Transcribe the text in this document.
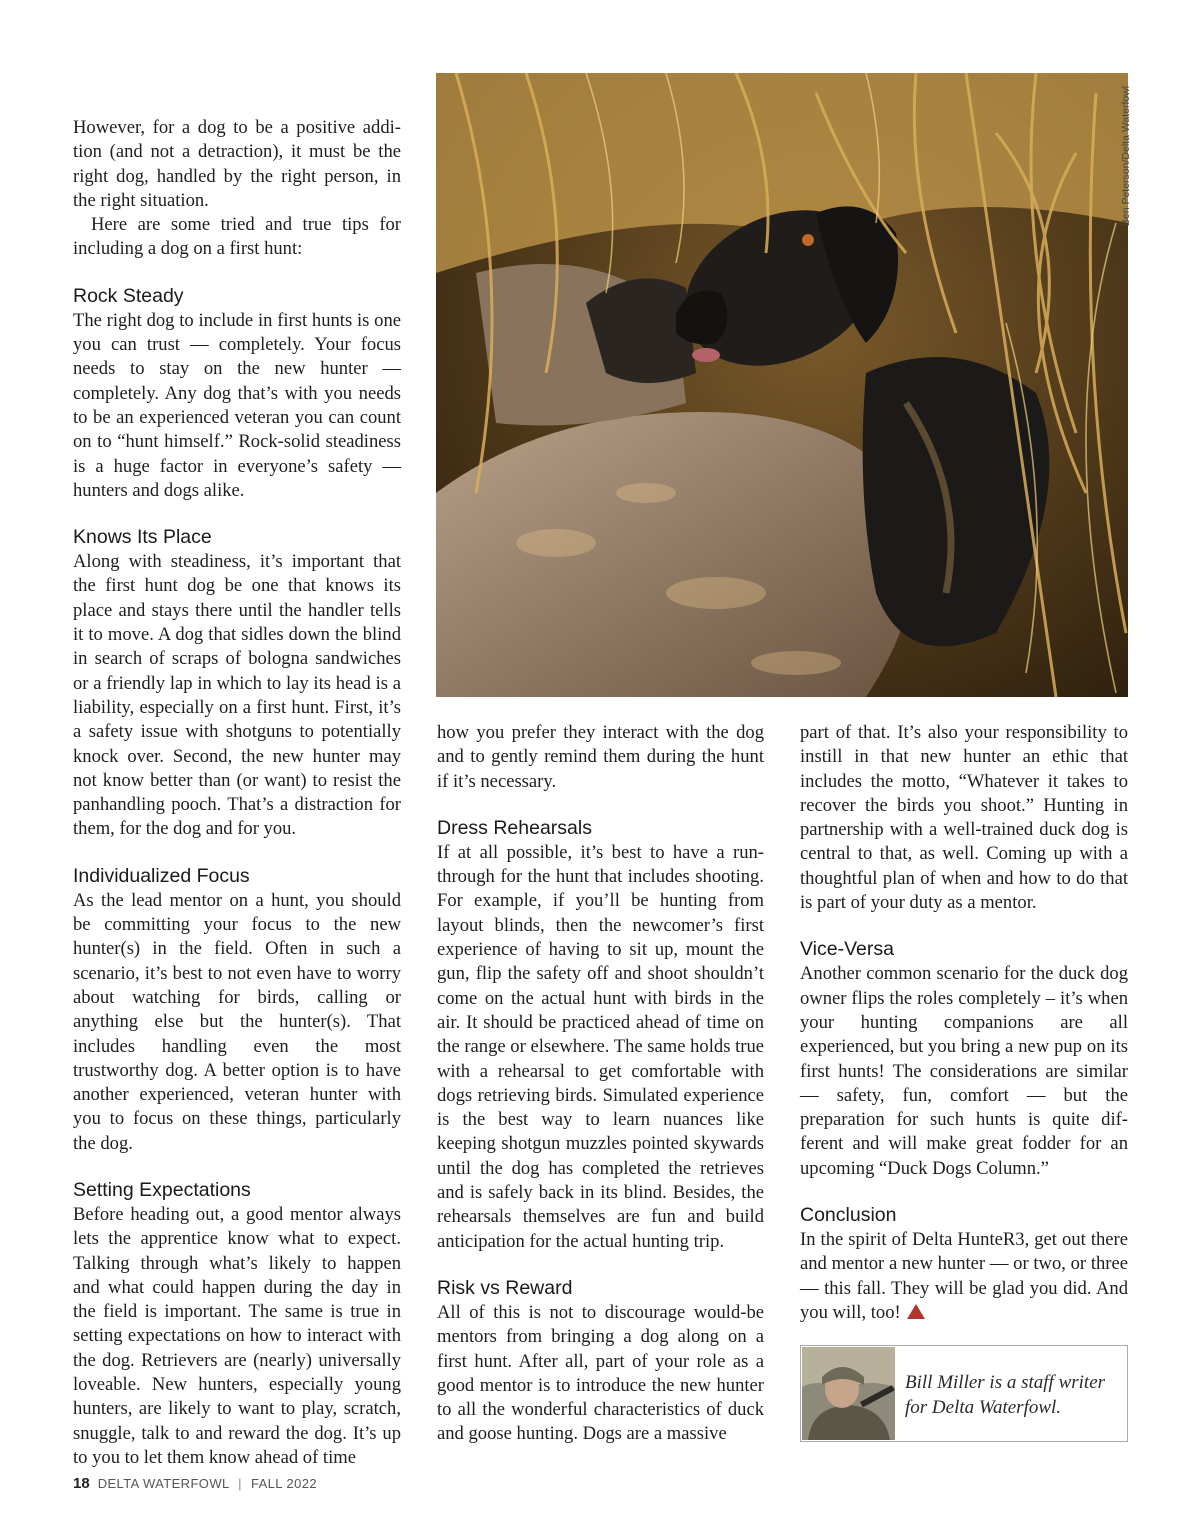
Ben Peterson/Delta Waterfowl

However, for a dog to be a positive addi-tion (and not a detraction), it must be the right dog, handled by the right person, in the right situation.

Here are some tried and true tips for including a dog on a first hunt:

Rock Steady

The right dog to include in first hunts is one you can trust — completely. Your focus needs to stay on the new hunter — completely. Any dog that’s with you needs to be an experienced veteran you can count on to “hunt himself.” Rock-solid steadiness is a huge factor in everyone’s safety — hunters and dogs alike.

Knows Its Place

Along with steadiness, it’s important that the first hunt dog be one that knows its place and stays there until the handler tells it to move. A dog that sidles down the blind in search of scraps of bologna sandwiches or a friendly lap in which to lay its head is a liability, especially on a first hunt. First, it’s a safety issue with shotguns to potentially knock over. Second, the new hunter may not know better than (or want) to resist the panhandling pooch. That’s a distraction for them, for the dog and for you.

Individualized Focus

As the lead mentor on a hunt, you should be committing your focus to the new hunter(s) in the field. Often in such a scenario, it’s best to not even have to worry about watching for birds, calling or anything else but the hunter(s). That includes handling even the most trustworthy dog. A better option is to have another experienced, veteran hunter with you to focus on these things, particularly the dog.

Setting Expectations

Before heading out, a good mentor always lets the apprentice know what to expect. Talking through what’s likely to happen and what could happen during the day in the field is important. The same is true in setting expectations on how to interact with the dog. Retrievers are (nearly) universally loveable. New hunters, especially young hunters, are likely to want to play, scratch, snuggle, talk to and reward the dog. It’s up to you to let them know ahead of time

how you prefer they interact with the dog and to gently remind them during the hunt if it’s necessary.

Dress Rehearsals

If at all possible, it’s best to have a run-through for the hunt that includes shooting. For example, if you’ll be hunting from layout blinds, then the newcomer’s first experience of having to sit up, mount the gun, flip the safety off and shoot shouldn’t come on the actual hunt with birds in the air. It should be practiced ahead of time on the range or elsewhere. The same holds true with a rehearsal to get comfortable with dogs retrieving birds. Simulated experience is the best way to learn nuances like keeping shotgun muzzles pointed skywards until the dog has completed the retrieves and is safely back in its blind. Besides, the rehearsals themselves are fun and build anticipation for the actual hunting trip.

Risk vs Reward

All of this is not to discourage would-be mentors from bringing a dog along on a first hunt. After all, part of your role as a good mentor is to introduce the new hunter to all the wonderful characteristics of duck and goose hunting. Dogs are a massive

part of that. It’s also your responsibility to instill in that new hunter an ethic that includes the motto, “Whatever it takes to recover the birds you shoot.” Hunting in partnership with a well-trained duck dog is central to that, as well. Coming up with a thoughtful plan of when and how to do that is part of your duty as a mentor.

Vice-Versa

Another common scenario for the duck dog owner flips the roles completely – it’s when your hunting companions are all experienced, but you bring a new pup on its first hunts! The considerations are similar — safety, fun, comfort — but the preparation for such hunts is quite dif-ferent and will make great fodder for an upcoming “Duck Dogs Column.”

Conclusion

In the spirit of Delta HunteR3, get out there and mentor a new hunter — or two, or three — this fall. They will be glad you did. And you will, too!

Bill Miller is a staff writer for Delta Waterfowl.
18 DELTA WATERFOWL | FALL 2022
